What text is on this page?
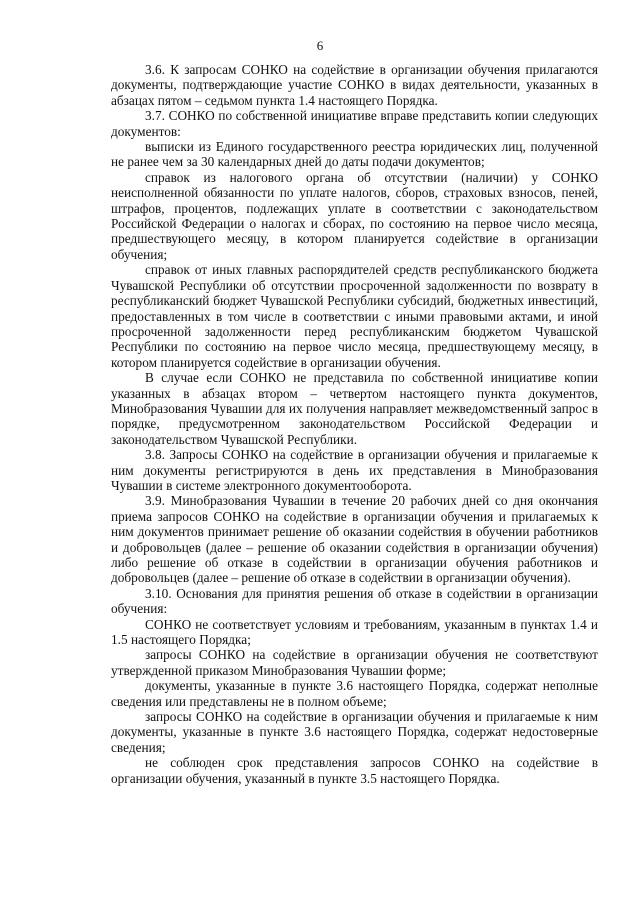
6

3.6. К запросам СОНКО на содействие в организации обучения прилагаются документы, подтверждающие участие СОНКО в видах деятельности, указанных в абзацах пятом – седьмом пункта 1.4 настоящего Порядка.

3.7. СОНКО по собственной инициативе вправе представить копии следующих документов:

выписки из Единого государственного реестра юридических лиц, полученной не ранее чем за 30 календарных дней до даты подачи документов;

справок из налогового органа об отсутствии (наличии) у СОНКО неисполненной обязанности по уплате налогов, сборов, страховых взносов, пеней, штрафов, процентов, подлежащих уплате в соответствии с законодательством Российской Федерации о налогах и сборах, по состоянию на первое число месяца, предшествующего месяцу, в котором планируется содействие в организации обучения;

справок от иных главных распорядителей средств республиканского бюджета Чувашской Республики об отсутствии просроченной задолженности по возврату в республиканский бюджет Чувашской Республики субсидий, бюджетных инвестиций, предоставленных в том числе в соответствии с иными правовыми актами, и иной просроченной задолженности перед республиканским бюджетом Чувашской Республики по состоянию на первое число месяца, предшествующему месяцу, в котором планируется содействие в организации обучения.

В случае если СОНКО не представила по собственной инициативе копии указанных в абзацах втором – четвертом настоящего пункта документов, Минобразования Чувашии для их получения направляет межведомственный запрос в порядке, предусмотренном законодательством Российской Федерации и законодательством Чувашской Республики.

3.8. Запросы СОНКО на содействие в организации обучения и прилагаемые к ним документы регистрируются в день их представления в Минобразования Чувашии в системе электронного документооборота.

3.9. Минобразования Чувашии в течение 20 рабочих дней со дня окончания приема запросов СОНКО на содействие в организации обучения и прилагаемых к ним документов принимает решение об оказании содействия в обучении работников и добровольцев (далее – решение об оказании содействия в организации обучения) либо решение об отказе в содействии в организации обучения работников и добровольцев (далее – решение об отказе в содействии в организации обучения).

3.10. Основания для принятия решения об отказе в содействии в организации обучения:

СОНКО не соответствует условиям и требованиям, указанным в пунктах 1.4 и 1.5 настоящего Порядка;

запросы СОНКО на содействие в организации обучения не соответствуют утвержденной приказом Минобразования Чувашии форме;

документы, указанные в пункте 3.6 настоящего Порядка, содержат неполные сведения или представлены не в полном объеме;

запросы СОНКО на содействие в организации обучения и прилагаемые к ним документы, указанные в пункте 3.6 настоящего Порядка, содержат недостоверные сведения;

не соблюден срок представления запросов СОНКО на содействие в организации обучения, указанный в пункте 3.5 настоящего Порядка.
